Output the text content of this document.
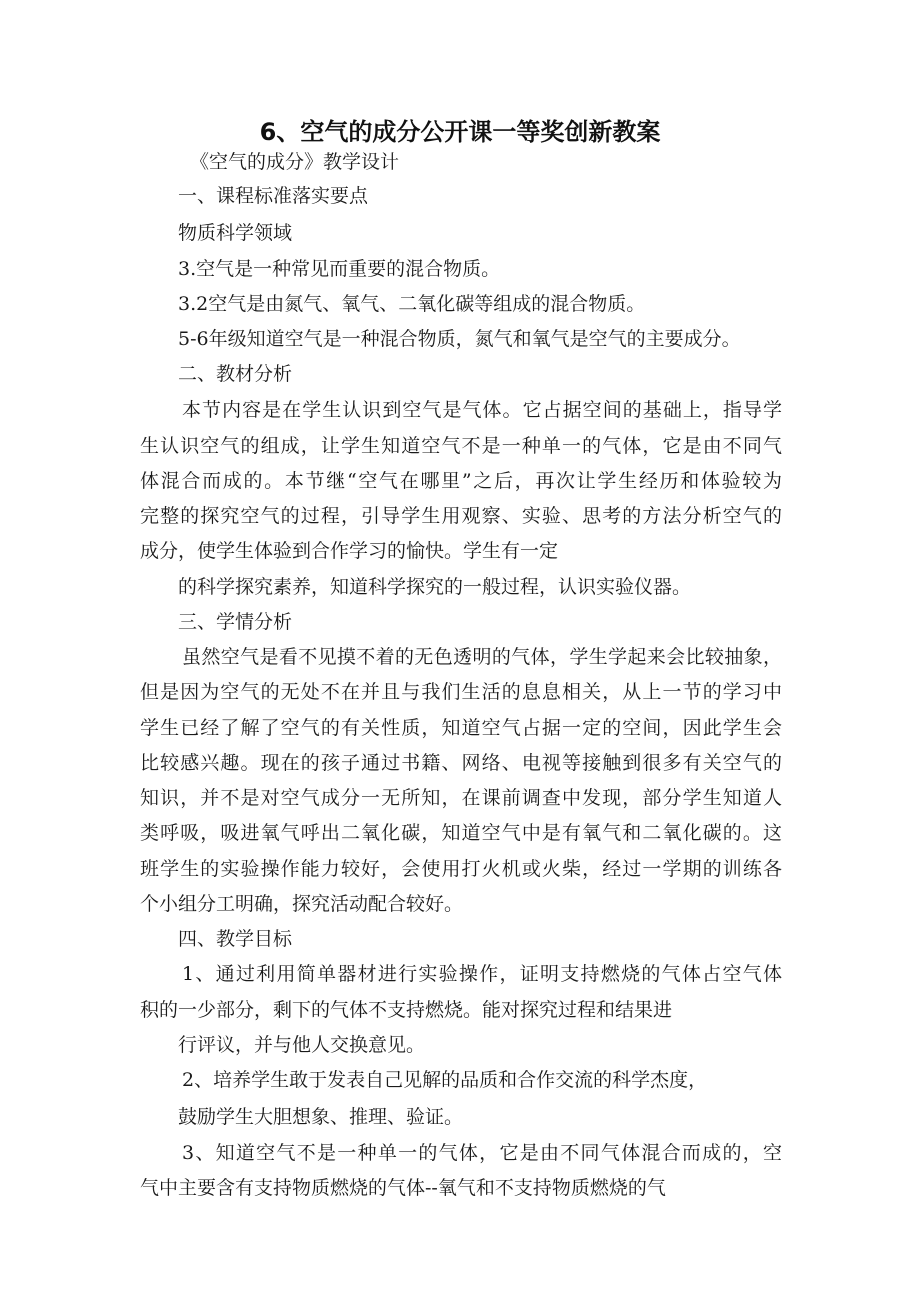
6、空气的成分公开课一等奖创新教案
《空气的成分》教学设计
一、课程标准落实要点
物质科学领域
3.空气是一种常见而重要的混合物质。
3.2空气是由氮气、氧气、二氧化碳等组成的混合物质。
5-6年级知道空气是一种混合物质，氮气和氧气是空气的主要成分。
二、教材分析
本节内容是在学生认识到空气是气体。它占据空间的基础上，指导学
生认识空气的组成，让学生知道空气不是一种单一的气体，它是由不同气
体混合而成的。本节继“空气在哪里”之后，再次让学生经历和体验较为
完整的探究空气的过程，引导学生用观察、实验、思考的方法分析空气的
成分，使学生体验到合作学习的愉快。学生有一定
的科学探究素养，知道科学探究的一般过程，认识实验仪器。
三、学情分析
虽然空气是看不见摸不着的无色透明的气体，学生学起来会比较抽象，
但是因为空气的无处不在并且与我们生活的息息相关，从上一节的学习中
学生已经了解了空气的有关性质，知道空气占据一定的空间，因此学生会
比较感兴趣。现在的孩子通过书籍、网络、电视等接触到很多有关空气的
知识，并不是对空气成分一无所知，在课前调查中发现，部分学生知道人
类呼吸，吸进氧气呼出二氧化碳，知道空气中是有氧气和二氧化碳的。这
班学生的实验操作能力较好，会使用打火机或火柴，经过一学期的训练各
个小组分工明确，探究活动配合较好。
四、教学目标
1、通过利用简单器材进行实验操作，证明支持燃烧的气体占空气体
积的一少部分，剩下的气体不支持燃烧。能对探究过程和结果进
行评议，并与他人交换意见。
2、培养学生敢于发表自己见解的品质和合作交流的科学杰度，
鼓励学生大胆想象、推理、验证。
3、知道空气不是一种单一的气体，它是由不同气体混合而成的，空
气中主要含有支持物质燃烧的气体--氧气和不支持物质燃烧的气
